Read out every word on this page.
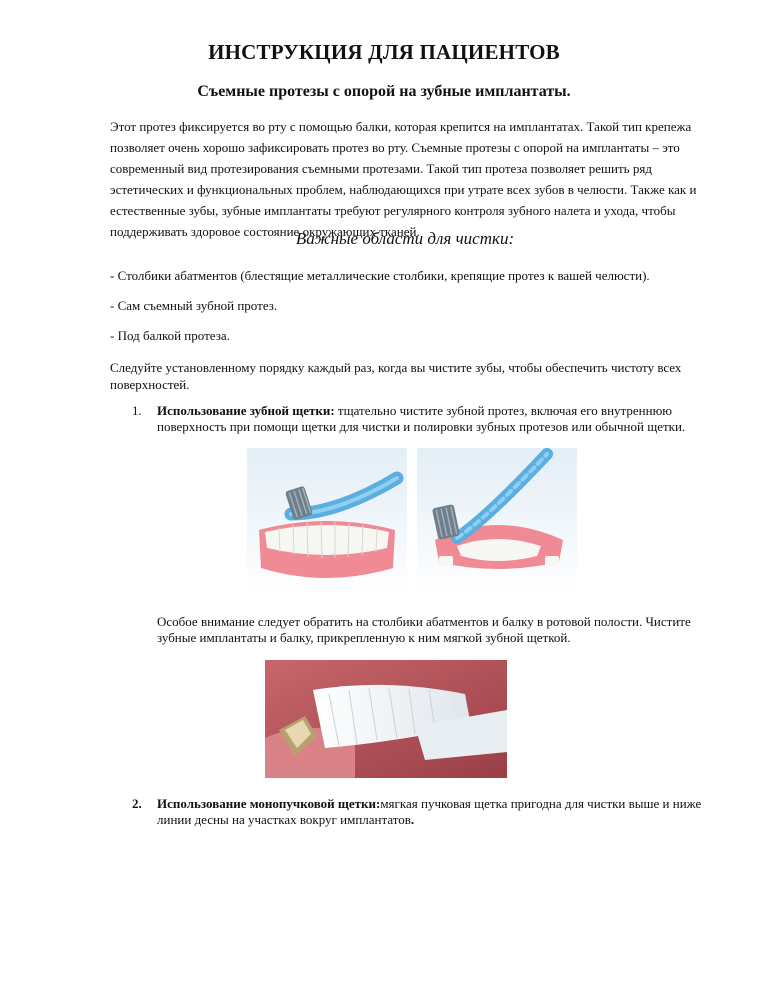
ИНСТРУКЦИЯ ДЛЯ ПАЦИЕНТОВ
Съемные протезы с опорой на зубные имплантаты.

Этот протез фиксируется во рту с помощью балки, которая крепится на имплантатах. Такой тип крепежа позволяет очень хорошо зафиксировать протез во рту. Съемные протезы с опорой на имплантаты – это современный вид протезирования съемными протезами. Такой тип протеза позволяет решить ряд эстетических и функциональных проблем, наблюдающихся при утрате всех зубов в челюсти. Также как и естественные зубы, зубные имплантаты требуют регулярного контроля зубного налета и ухода, чтобы поддерживать здоровое состояние окружающих тканей.

Важные области для чистки:

- Столбики абатментов (блестящие металлические столбики, крепящие протез к вашей челюсти).

- Сам съемный зубной протез.

- Под балкой протеза.

Следуйте установленному порядку каждый раз, когда вы чистите зубы, чтобы обеспечить чистоту всех поверхностей.

1. Использование зубной щетки: тщательно чистите зубной протез, включая его внутреннюю поверхность при помощи щетки для чистки и полировки зубных протезов или обычной щетки.

Особое внимание следует обратить на столбики абатментов и балку в ротовой полости. Чистите зубные имплантаты и балку, прикрепленную к ним мягкой зубной щеткой.

2. Использование монопучковой щетки:мягкая пучковая щетка пригодна для чистки выше и ниже линии десны на участках вокруг имплантатов.
